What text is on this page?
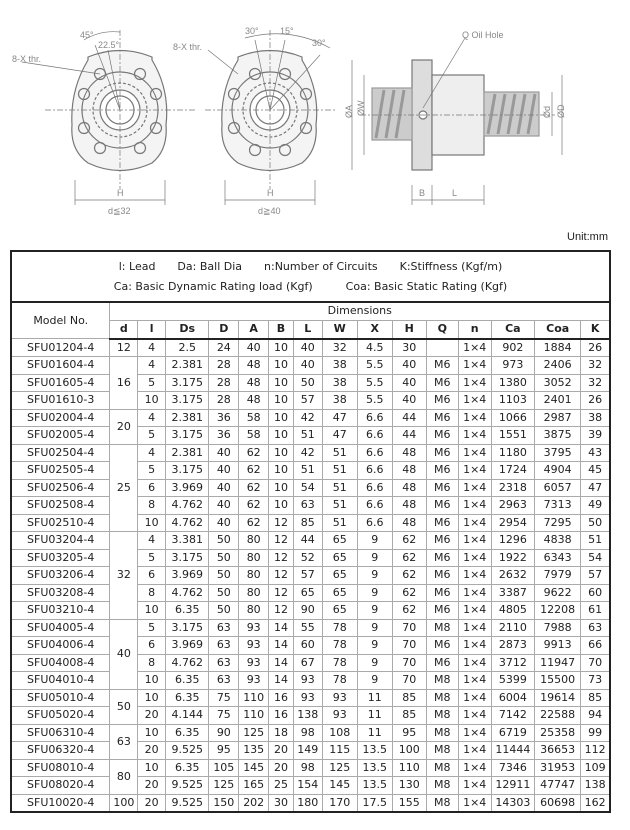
8-X thr.
45°
22.5°
H
d≦32
8-X thr.
30° 15°
30°
H
d≧40
Q Oil Hole
ØA ØW	Ød ØD
B	L
Unit:mm
l: Lead　　Da: Ball Dia　　n:Number of Circuits　　K:Stiffness (Kgf/m)
Ca: Basic Dynamic Rating load (Kgf)　　　Coa: Basic Static Rating (Kgf)															

Model No.	Dimensions														
	d	l	Ds	D	A	B	L	W	X	H	Q	n	Ca	Coa	K
SFU01204-4	12	4	2.5	24	40	10	40	32	4.5	30		1×4	902	1884	26
SFU01604-4	16	4	2.381	28	48	10	40	38	5.5	40	M6	1×4	973	2406	32
SFU01605-4		5	3.175	28	48	10	50	38	5.5	40	M6	1×4	1380	3052	32
SFU01610-3		10	3.175	28	48	10	57	38	5.5	40	M6	1×4	1103	2401	26
SFU02004-4	20	4	2.381	36	58	10	42	47	6.6	44	M6	1×4	1066	2987	38
SFU02005-4		5	3.175	36	58	10	51	47	6.6	44	M6	1×4	1551	3875	39
SFU02504-4	25	4	2.381	40	62	10	42	51	6.6	48	M6	1×4	1180	3795	43
SFU02505-4		5	3.175	40	62	10	51	51	6.6	48	M6	1×4	1724	4904	45
SFU02506-4		6	3.969	40	62	10	54	51	6.6	48	M6	1×4	2318	6057	47
SFU02508-4		8	4.762	40	62	10	63	51	6.6	48	M6	1×4	2963	7313	49
SFU02510-4		10	4.762	40	62	12	85	51	6.6	48	M6	1×4	2954	7295	50
SFU03204-4	32	4	3.381	50	80	12	44	65	9	62	M6	1×4	1296	4838	51
SFU03205-4		5	3.175	50	80	12	52	65	9	62	M6	1×4	1922	6343	54
SFU03206-4		6	3.969	50	80	12	57	65	9	62	M6	1×4	2632	7979	57
SFU03208-4		8	4.762	50	80	12	65	65	9	62	M6	1×4	3387	9622	60
SFU03210-4		10	6.35	50	80	12	90	65	9	62	M6	1×4	4805	12208	61
SFU04005-4	40	5	3.175	63	93	14	55	78	9	70	M8	1×4	2110	7988	63
SFU04006-4		6	3.969	63	93	14	60	78	9	70	M6	1×4	2873	9913	66
SFU04008-4		8	4.762	63	93	14	67	78	9	70	M6	1×4	3712	11947	70
SFU04010-4		10	6.35	63	93	14	93	78	9	70	M8	1×4	5399	15500	73
SFU05010-4	50	10	6.35	75	110	16	93	93	11	85	M8	1×4	6004	19614	85
SFU05020-4		20	4.144	75	110	16	138	93	11	85	M8	1×4	7142	22588	94
SFU06310-4	63	10	6.35	90	125	18	98	108	11	95	M8	1×4	6719	25358	99
SFU06320-4		20	9.525	95	135	20	149	115	13.5	100	M8	1×4	11444	36653	112
SFU08010-4	80	10	6.35	105	145	20	98	125	13.5	110	M8	1×4	7346	31953	109
SFU08020-4		20	9.525	125	165	25	154	145	13.5	130	M8	1×4	12911	47747	138
SFU10020-4	100	20	9.525	150	202	30	180	170	17.5	155	M8	1×4	14303	60698	162
